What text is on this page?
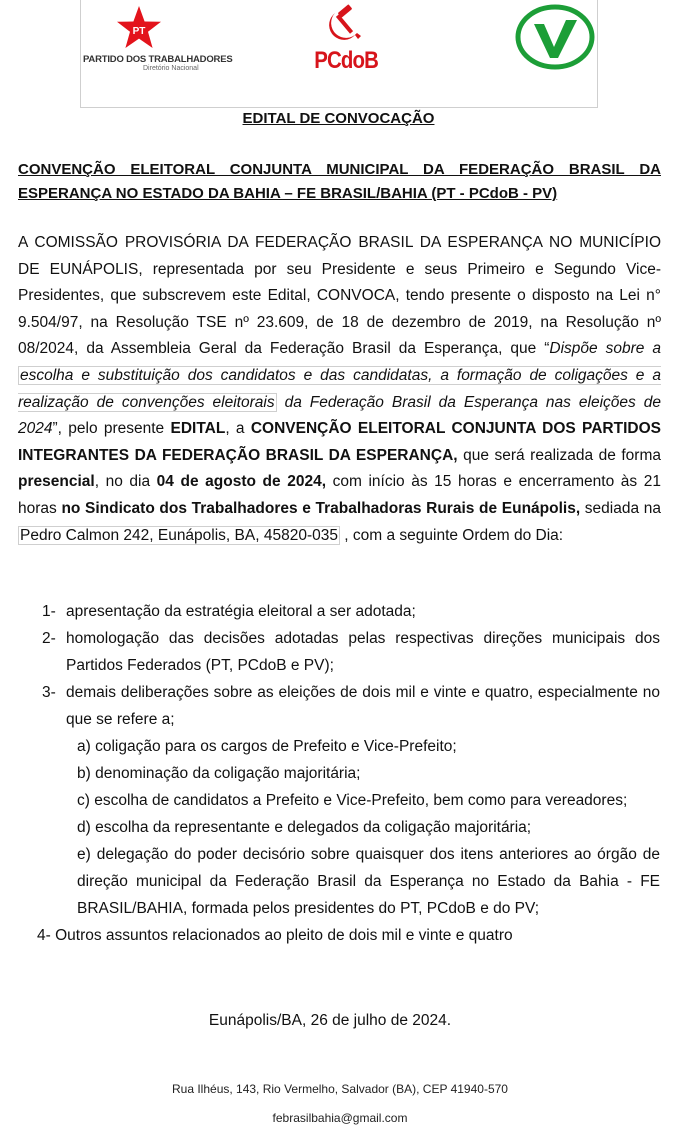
PT
PARTIDO DOS TRABALHADORES
Diretório Nacional	PCdoB
EDITAL DE CONVOCAÇÃO
CONVENÇÃO ELEITORAL CONJUNTA MUNICIPAL DA FEDERAÇÃO BRASIL DA ESPERANÇA NO ESTADO DA BAHIA – FE BRASIL/BAHIA (PT - PCdoB - PV)
A COMISSÃO PROVISÓRIA DA FEDERAÇÃO BRASIL DA ESPERANÇA NO MUNICÍPIO DE EUNÁPOLIS, representada por seu Presidente e seus Primeiro e Segundo Vice-Presidentes, que subscrevem este Edital, CONVOCA, tendo presente o disposto na Lei n° 9.504/97, na Resolução TSE nº 23.609, de 18 de dezembro de 2019, na Resolução nº 08/2024, da Assembleia Geral da Federação Brasil da Esperança, que “Dispõe sobre a escolha e substituição dos candidatos e das candidatas, a formação de coligações e a realização de convenções eleitorais da Federação Brasil da Esperança nas eleições de 2024”, pelo presente EDITAL, a CONVENÇÃO ELEITORAL CONJUNTA DOS PARTIDOS INTEGRANTES DA FEDERAÇÃO BRASIL DA ESPERANÇA, que será realizada de forma presencial, no dia 04 de agosto de 2024, com início às 15 horas e encerramento às 21 horas no Sindicato dos Trabalhadores e Trabalhadoras Rurais de Eunápolis, sediada na Pedro Calmon 242, Eunápolis, BA, 45820-035 , com a seguinte Ordem do Dia:
1- apresentação da estratégia eleitoral a ser adotada;
2- homologação das decisões adotadas pelas respectivas direções municipais dos Partidos Federados (PT, PCdoB e PV);
3- demais deliberações sobre as eleições de dois mil e vinte e quatro, especialmente no que se refere a;
a) coligação para os cargos de Prefeito e Vice-Prefeito;
b) denominação da coligação majoritária;
c) escolha de candidatos a Prefeito e Vice-Prefeito, bem como para vereadores;
d) escolha da representante e delegados da coligação majoritária;
e) delegação do poder decisório sobre quaisquer dos itens anteriores ao órgão de direção municipal da Federação Brasil da Esperança no Estado da Bahia - FE BRASIL/BAHIA, formada pelos presidentes do PT, PCdoB e do PV;
4- Outros assuntos relacionados ao pleito de dois mil e vinte e quatro
Eunápolis/BA, 26 de julho de 2024.
Rua Ilhéus, 143, Rio Vermelho, Salvador (BA), CEP 41940-570
febrasilbahia@gmail.com
